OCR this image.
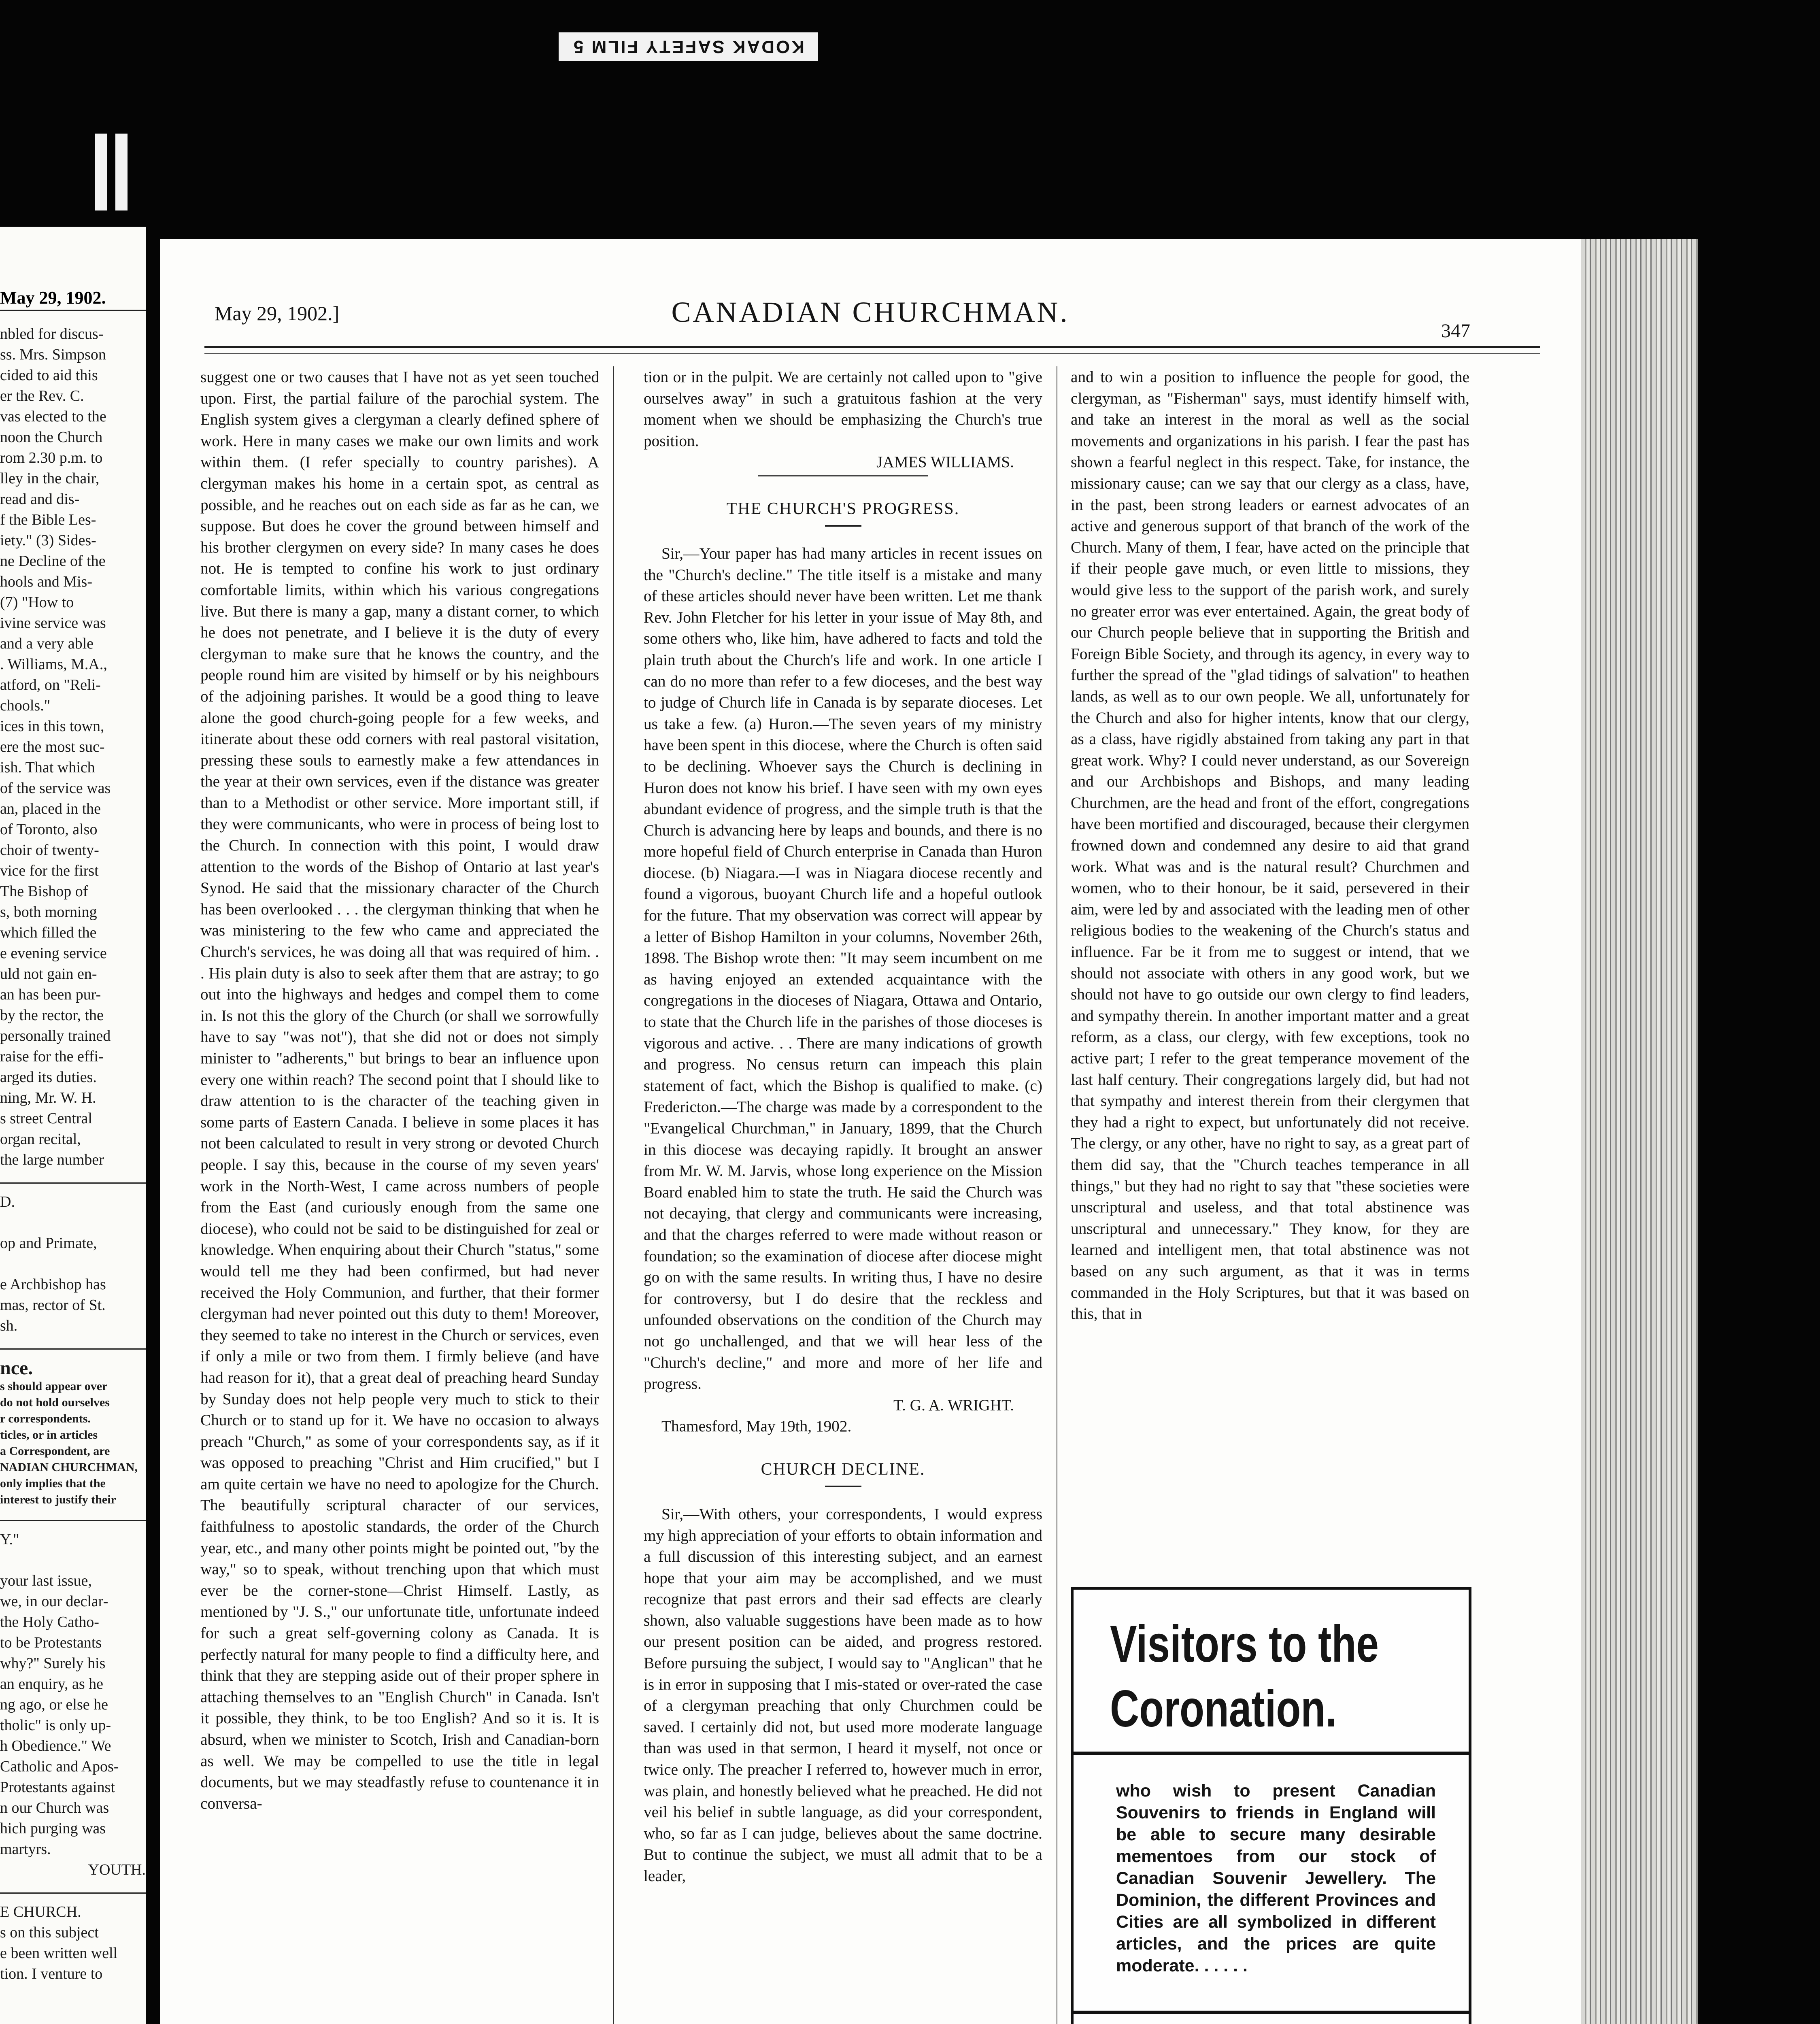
KODAK SAFETY FILM 5
May 29, 1902.
nbled for discus-
ss. Mrs. Simpson
cided to aid this
er the Rev. C.
vas elected to the
noon the Church
rom 2.30 p.m. to
lley in the chair,
read and dis-
f the Bible Les-
iety." (3) Sides-
ne Decline of the
hools and Mis-
(7) "How to
ivine service was
and a very able
. Williams, M.A.,
atford, on "Reli-
chools."
ices in this town,
ere the most suc-
ish. That which
of the service was
an, placed in the
of Toronto, also
choir of twenty-
vice for the first
The Bishop of
s, both morning
which filled the
e evening service
uld not gain en-
an has been pur-
by the rector, the
personally trained
raise for the effi-
arged its duties.
ning, Mr. W. H.
s street Central
organ recital,
the large number
D.
op and Primate,
e Archbishop has
mas, rector of St.
sh.
nce.
s should appear over
do not hold ourselves
r correspondents.
ticles, or in articles
a Correspondent, are
NADIAN CHURCHMAN,
only implies that the
interest to justify their
Y."
your last issue,
we, in our declar-
the Holy Catho-
to be Protestants
why?" Surely his
an enquiry, as he
ng ago, or else he
tholic" is only up-
h Obedience." We
Catholic and Apos-
Protestants against
n our Church was
hich purging was
martyrs.
YOUTH.
E CHURCH.
s on this subject
e been written well
tion. I venture to
May 29, 1902.]	CANADIAN CHURCHMAN.
347

suggest one or two causes that I have not as yet seen touched upon. First, the partial failure of the parochial system. The English system gives a clergyman a clearly defined sphere of work. Here in many cases we make our own limits and work within them. (I refer specially to country parishes). A clergyman makes his home in a certain spot, as central as possible, and he reaches out on each side as far as he can, we suppose. But does he cover the ground between himself and his brother clergymen on every side? In many cases he does not. He is tempted to confine his work to just ordinary comfortable limits, within which his various congregations live. But there is many a gap, many a distant corner, to which he does not penetrate, and I believe it is the duty of every clergyman to make sure that he knows the country, and the people round him are visited by himself or by his neighbours of the adjoining parishes. It would be a good thing to leave alone the good church-going people for a few weeks, and itinerate about these odd corners with real pastoral visitation, pressing these souls to earnestly make a few attendances in the year at their own services, even if the distance was greater than to a Methodist or other service. More important still, if they were communicants, who were in process of being lost to the Church. In connection with this point, I would draw attention to the words of the Bishop of Ontario at last year's Synod. He said that the missionary character of the Church has been overlooked . . . the clergyman thinking that when he was ministering to the few who came and appreciated the Church's services, he was doing all that was required of him. . . His plain duty is also to seek after them that are astray; to go out into the highways and hedges and compel them to come in. Is not this the glory of the Church (or shall we sorrowfully have to say "was not"), that she did not or does not simply minister to "adherents," but brings to bear an influence upon every one within reach? The second point that I should like to draw attention to is the character of the teaching given in some parts of Eastern Canada. I believe in some places it has not been calculated to result in very strong or devoted Church people. I say this, because in the course of my seven years' work in the North-West, I came across numbers of people from the East (and curiously enough from the same one diocese), who could not be said to be distinguished for zeal or knowledge. When enquiring about their Church "status," some would tell me they had been confirmed, but had never received the Holy Communion, and further, that their former clergyman had never pointed out this duty to them! Moreover, they seemed to take no interest in the Church or services, even if only a mile or two from them. I firmly believe (and have had reason for it), that a great deal of preaching heard Sunday by Sunday does not help people very much to stick to their Church or to stand up for it. We have no occasion to always preach "Church," as some of your correspondents say, as if it was opposed to preaching "Christ and Him crucified," but I am quite certain we have no need to apologize for the Church. The beautifully scriptural character of our services, faithfulness to apostolic standards, the order of the Church year, etc., and many other points might be pointed out, "by the way," so to speak, without trenching upon that which must ever be the corner-stone—Christ Himself. Lastly, as mentioned by "J. S.," our unfortunate title, unfortunate indeed for such a great self-governing colony as Canada. It is perfectly natural for many people to find a difficulty here, and think that they are stepping aside out of their proper sphere in attaching themselves to an "English Church" in Canada. Isn't it possible, they think, to be too English? And so it is. It is absurd, when we minister to Scotch, Irish and Canadian-born as well. We may be compelled to use the title in legal documents, but we may steadfastly refuse to countenance it in conversa-

tion or in the pulpit. We are certainly not called upon to "give ourselves away" in such a gratuitous fashion at the very moment when we should be emphasizing the Church's true position.

JAMES WILLIAMS.

THE CHURCH'S PROGRESS.

Sir,—Your paper has had many articles in recent issues on the "Church's decline." The title itself is a mistake and many of these articles should never have been written. Let me thank Rev. John Fletcher for his letter in your issue of May 8th, and some others who, like him, have adhered to facts and told the plain truth about the Church's life and work. In one article I can do no more than refer to a few dioceses, and the best way to judge of Church life in Canada is by separate dioceses. Let us take a few. (a) Huron.—The seven years of my ministry have been spent in this diocese, where the Church is often said to be declining. Whoever says the Church is declining in Huron does not know his brief. I have seen with my own eyes abundant evidence of progress, and the simple truth is that the Church is advancing here by leaps and bounds, and there is no more hopeful field of Church enterprise in Canada than Huron diocese. (b) Niagara.—I was in Niagara diocese recently and found a vigorous, buoyant Church life and a hopeful outlook for the future. That my observation was correct will appear by a letter of Bishop Hamilton in your columns, November 26th, 1898. The Bishop wrote then: "It may seem incumbent on me as having enjoyed an extended acquaintance with the congregations in the dioceses of Niagara, Ottawa and Ontario, to state that the Church life in the parishes of those dioceses is vigorous and active. . . There are many indications of growth and progress. No census return can impeach this plain statement of fact, which the Bishop is qualified to make. (c) Fredericton.—The charge was made by a correspondent to the "Evangelical Churchman," in January, 1899, that the Church in this diocese was decaying rapidly. It brought an answer from Mr. W. M. Jarvis, whose long experience on the Mission Board enabled him to state the truth. He said the Church was not decaying, that clergy and communicants were increasing, and that the charges referred to were made without reason or foundation; so the examination of diocese after diocese might go on with the same results. In writing thus, I have no desire for controversy, but I do desire that the reckless and unfounded observations on the condition of the Church may not go unchallenged, and that we will hear less of the "Church's decline," and more and more of her life and progress.

T. G. A. WRIGHT.

Thamesford, May 19th, 1902.

CHURCH DECLINE.

Sir,—With others, your correspondents, I would express my high appreciation of your efforts to obtain information and a full discussion of this interesting subject, and an earnest hope that your aim may be accomplished, and we must recognize that past errors and their sad effects are clearly shown, also valuable suggestions have been made as to how our present position can be aided, and progress restored. Before pursuing the subject, I would say to "Anglican" that he is in error in supposing that I mis-stated or over-rated the case of a clergyman preaching that only Churchmen could be saved. I certainly did not, but used more moderate language than was used in that sermon, I heard it myself, not once or twice only. The preacher I referred to, however much in error, was plain, and honestly believed what he preached. He did not veil his belief in subtle language, as did your correspondent, who, so far as I can judge, believes about the same doctrine. But to continue the subject, we must all admit that to be a leader,

and to win a position to influence the people for good, the clergyman, as "Fisherman" says, must identify himself with, and take an interest in the moral as well as the social movements and organizations in his parish. I fear the past has shown a fearful neglect in this respect. Take, for instance, the missionary cause; can we say that our clergy as a class, have, in the past, been strong leaders or earnest advocates of an active and generous support of that branch of the work of the Church. Many of them, I fear, have acted on the principle that if their people gave much, or even little to missions, they would give less to the support of the parish work, and surely no greater error was ever entertained. Again, the great body of our Church people believe that in supporting the British and Foreign Bible Society, and through its agency, in every way to further the spread of the "glad tidings of salvation" to heathen lands, as well as to our own people. We all, unfortunately for the Church and also for higher intents, know that our clergy, as a class, have rigidly abstained from taking any part in that great work. Why? I could never understand, as our Sovereign and our Archbishops and Bishops, and many leading Churchmen, are the head and front of the effort, congregations have been mortified and discouraged, because their clergymen frowned down and condemned any desire to aid that grand work. What was and is the natural result? Churchmen and women, who to their honour, be it said, persevered in their aim, were led by and associated with the leading men of other religious bodies to the weakening of the Church's status and influence. Far be it from me to suggest or intend, that we should not associate with others in any good work, but we should not have to go outside our own clergy to find leaders, and sympathy therein. In another important matter and a great reform, as a class, our clergy, with few exceptions, took no active part; I refer to the great temperance movement of the last half century. Their congregations largely did, but had not that sympathy and interest therein from their clergymen that they had a right to expect, but unfortunately did not receive. The clergy, or any other, have no right to say, as a great part of them did say, that the "Church teaches temperance in all things," but they had no right to say that "these societies were unscriptural and useless, and that total abstinence was unscriptural and unnecessary." They know, for they are learned and intelligent men, that total abstinence was not based on any such argument, as that it was in terms commanded in the Holy Scriptures, but that it was based on this, that in

Visitors to the
Coronation.
who wish to present Canadian Souvenirs to friends in England will be able to secure many desirable mementoes from our stock of Canadian Souvenir Jewellery. The Dominion, the different Provinces and Cities are all symbolized in different articles, and the prices are quite moderate. . . . . .
